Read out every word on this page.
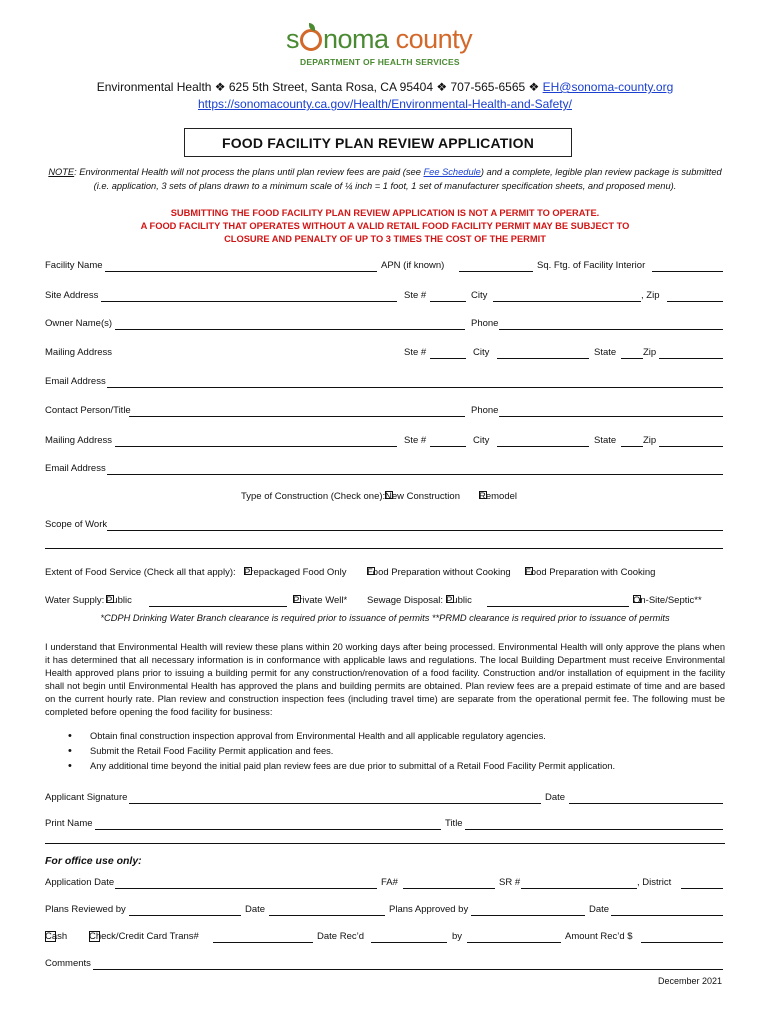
s noma county
DEPARTMENT OF HEALTH SERVICES
Environmental Health ❖ 625 5th Street, Santa Rosa, CA 95404 ❖ 707-565-6565 ❖ EH@sonoma-county.org
https://sonomacounty.ca.gov/Health/Environmental-Health-and-Safety/
FOOD FACILITY PLAN REVIEW APPLICATION
NOTE: Environmental Health will not process the plans until plan review fees are paid (see Fee Schedule) and a complete, legible plan review package is submitted
(i.e. application, 3 sets of plans drawn to a minimum scale of ¼ inch = 1 foot, 1 set of manufacturer specification sheets, and proposed menu).
SUBMITTING THE FOOD FACILITY PLAN REVIEW APPLICATION IS NOT A PERMIT TO OPERATE.
A FOOD FACILITY THAT OPERATES WITHOUT A VALID RETAIL FOOD FACILITY PERMIT MAY BE SUBJECT TO
CLOSURE AND PENALTY OF UP TO 3 TIMES THE COST OF THE PERMIT
Facility Name	APN (if known)	Sq. Ftg. of Facility Interior
Site Address	Ste #	City	, Zip
Owner Name(s)	Phone
Mailing Address	Ste #	City	State	Zip
Email Address
Contact Person/Title	Phone
Mailing Address	Ste #	City	State	Zip
Email Address
Type of Construction (Check one): New Construction Remodel
Scope of Work
Extent of Food Service (Check all that apply): Prepackaged Food Only Food Preparation without Cooking Food Preparation with Cooking
Water Supply: Public	Private Well* Sewage Disposal: Public	On-Site/Septic**
*CDPH Drinking Water Branch clearance is required prior to issuance of permits **PRMD clearance is required prior to issuance of permits
I understand that Environmental Health will review these plans within 20 working days after being processed. Environmental Health will only approve the plans when it has determined that all necessary information is in conformance with applicable laws and regulations. The local Building Department must receive Environmental Health approved plans prior to issuing a building permit for any construction/renovation of a food facility. Construction and/or installation of equipment in the facility shall not begin until Environmental Health has approved the plans and building permits are obtained. Plan review fees are a prepaid estimate of time and are based on the current hourly rate. Plan review and construction inspection fees (including travel time) are separate from the operational permit fee. The following must be completed before opening the food facility for business:
• Obtain final construction inspection approval from Environmental Health and all applicable regulatory agencies.
• Submit the Retail Food Facility Permit application and fees.
• Any additional time beyond the initial paid plan review fees are due prior to submittal of a Retail Food Facility Permit application.
Applicant Signature	Date
Print Name	Title
For office use only:
Application Date	FA#	SR #	, District
Plans Reviewed by	Date	Plans Approved by	Date
Cash Check/Credit Card Trans#	Date Rec’d	by	Amount Rec’d $
Comments
December 2021
